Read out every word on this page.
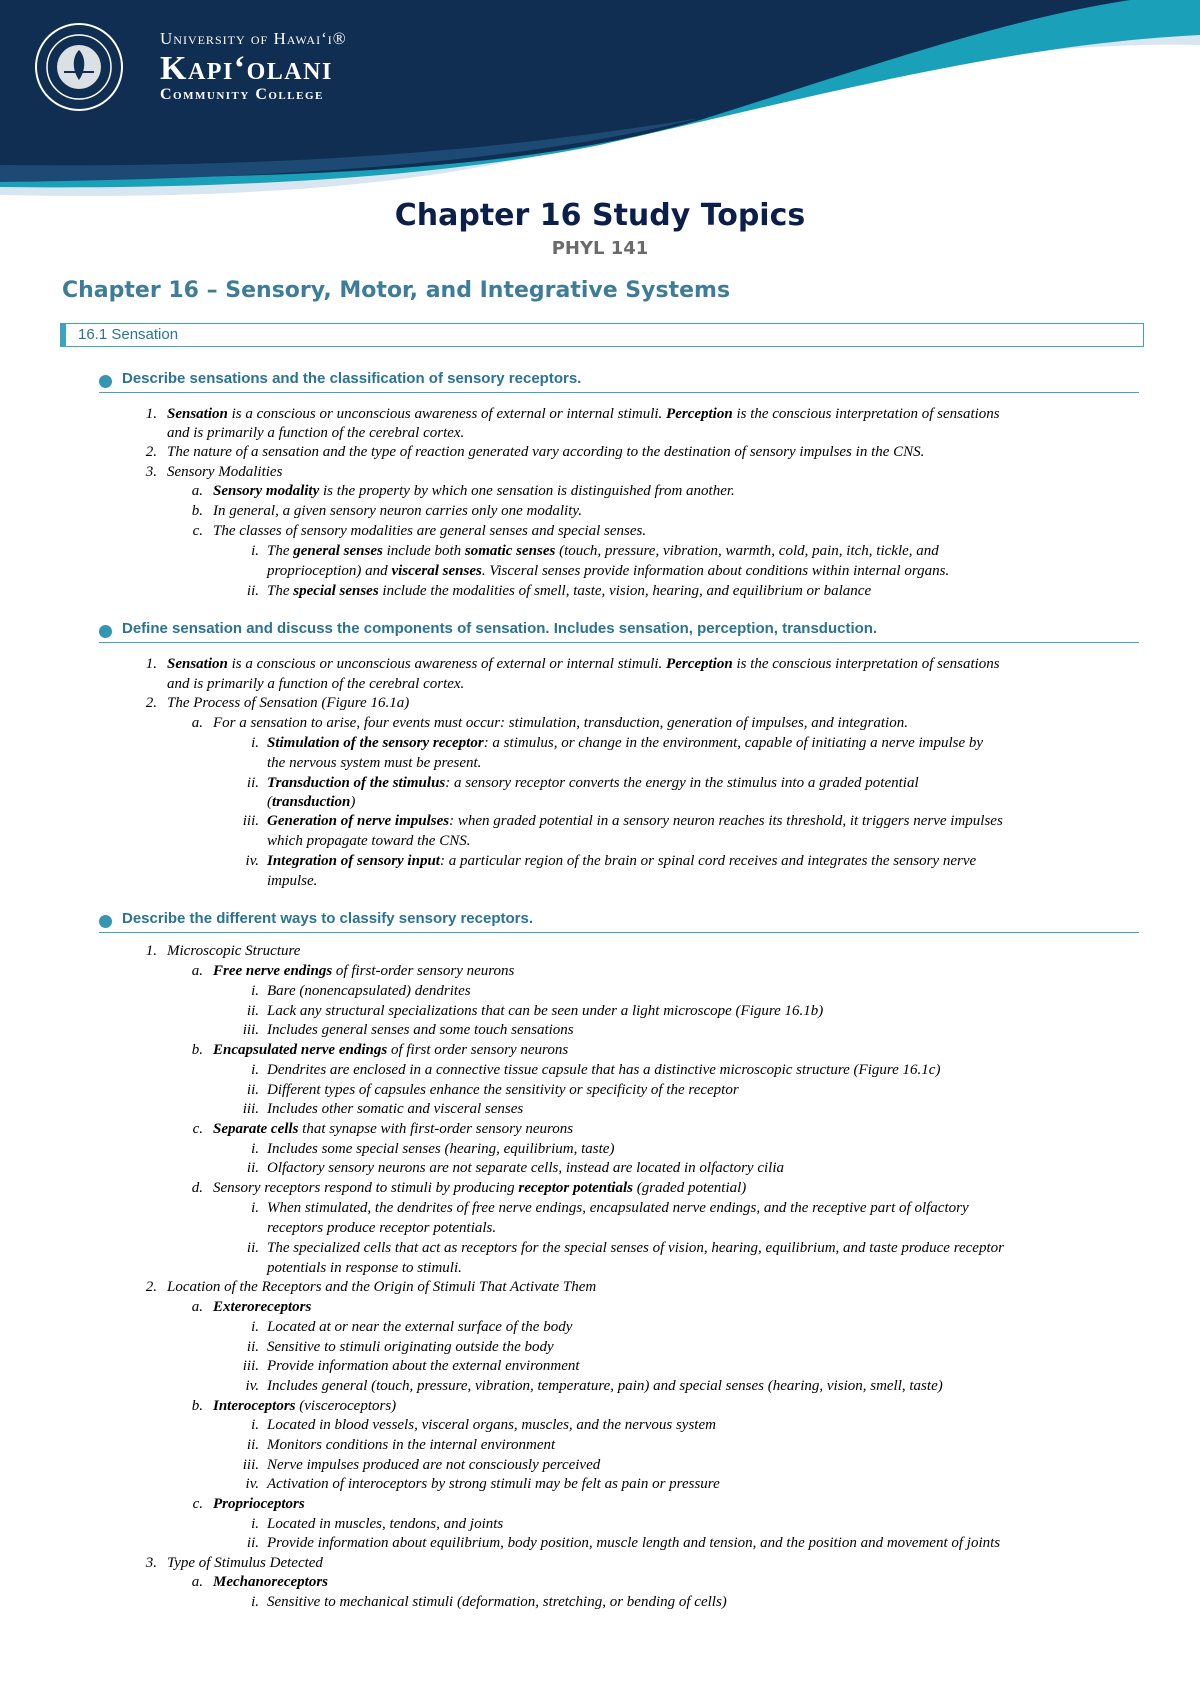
University of Hawai‘i®
Kapi‘olani
Community College
Chapter 16 Study Topics
PHYL 141
Chapter 16 – Sensory, Motor, and Integrative Systems
16.1 Sensation
Describe sensations and the classification of sensory receptors.
Define sensation and discuss the components of sensation. Includes sensation, perception, transduction.
Describe the different ways to classify sensory receptors.
1. Sensation is a conscious or unconscious awareness of external or internal stimuli. Perception is the conscious interpretation of sensations
and is primarily a function of the cerebral cortex.
2. The nature of a sensation and the type of reaction generated vary according to the destination of sensory impulses in the CNS.
3. Sensory Modalities
a. Sensory modality is the property by which one sensation is distinguished from another.
b. In general, a given sensory neuron carries only one modality.
c. The classes of sensory modalities are general senses and special senses.
i. The general senses include both somatic senses (touch, pressure, vibration, warmth, cold, pain, itch, tickle, and
proprioception) and visceral senses. Visceral senses provide information about conditions within internal organs.
ii. The special senses include the modalities of smell, taste, vision, hearing, and equilibrium or balance
1. Sensation is a conscious or unconscious awareness of external or internal stimuli. Perception is the conscious interpretation of sensations
and is primarily a function of the cerebral cortex.
2. The Process of Sensation (Figure 16.1a)
a. For a sensation to arise, four events must occur: stimulation, transduction, generation of impulses, and integration.
i. Stimulation of the sensory receptor: a stimulus, or change in the environment, capable of initiating a nerve impulse by
the nervous system must be present.
ii. Transduction of the stimulus: a sensory receptor converts the energy in the stimulus into a graded potential
(transduction)
iii. Generation of nerve impulses: when graded potential in a sensory neuron reaches its threshold, it triggers nerve impulses
which propagate toward the CNS.
iv. Integration of sensory input: a particular region of the brain or spinal cord receives and integrates the sensory nerve
impulse.
1. Microscopic Structure
a. Free nerve endings of first-order sensory neurons
i. Bare (nonencapsulated) dendrites
ii. Lack any structural specializations that can be seen under a light microscope (Figure 16.1b)
iii. Includes general senses and some touch sensations
b. Encapsulated nerve endings of first order sensory neurons
i. Dendrites are enclosed in a connective tissue capsule that has a distinctive microscopic structure (Figure 16.1c)
ii. Different types of capsules enhance the sensitivity or specificity of the receptor
iii. Includes other somatic and visceral senses
c. Separate cells that synapse with first-order sensory neurons
i. Includes some special senses (hearing, equilibrium, taste)
ii. Olfactory sensory neurons are not separate cells, instead are located in olfactory cilia
d. Sensory receptors respond to stimuli by producing receptor potentials (graded potential)
i. When stimulated, the dendrites of free nerve endings, encapsulated nerve endings, and the receptive part of olfactory
receptors produce receptor potentials.
ii. The specialized cells that act as receptors for the special senses of vision, hearing, equilibrium, and taste produce receptor
potentials in response to stimuli.
2. Location of the Receptors and the Origin of Stimuli That Activate Them
a. Exteroreceptors
i. Located at or near the external surface of the body
ii. Sensitive to stimuli originating outside the body
iii. Provide information about the external environment
iv. Includes general (touch, pressure, vibration, temperature, pain) and special senses (hearing, vision, smell, taste)
b. Interoceptors (visceroceptors)
i. Located in blood vessels, visceral organs, muscles, and the nervous system
ii. Monitors conditions in the internal environment
iii. Nerve impulses produced are not consciously perceived
iv. Activation of interoceptors by strong stimuli may be felt as pain or pressure
c. Proprioceptors
i. Located in muscles, tendons, and joints
ii. Provide information about equilibrium, body position, muscle length and tension, and the position and movement of joints
3. Type of Stimulus Detected
a. Mechanoreceptors
i. Sensitive to mechanical stimuli (deformation, stretching, or bending of cells)
